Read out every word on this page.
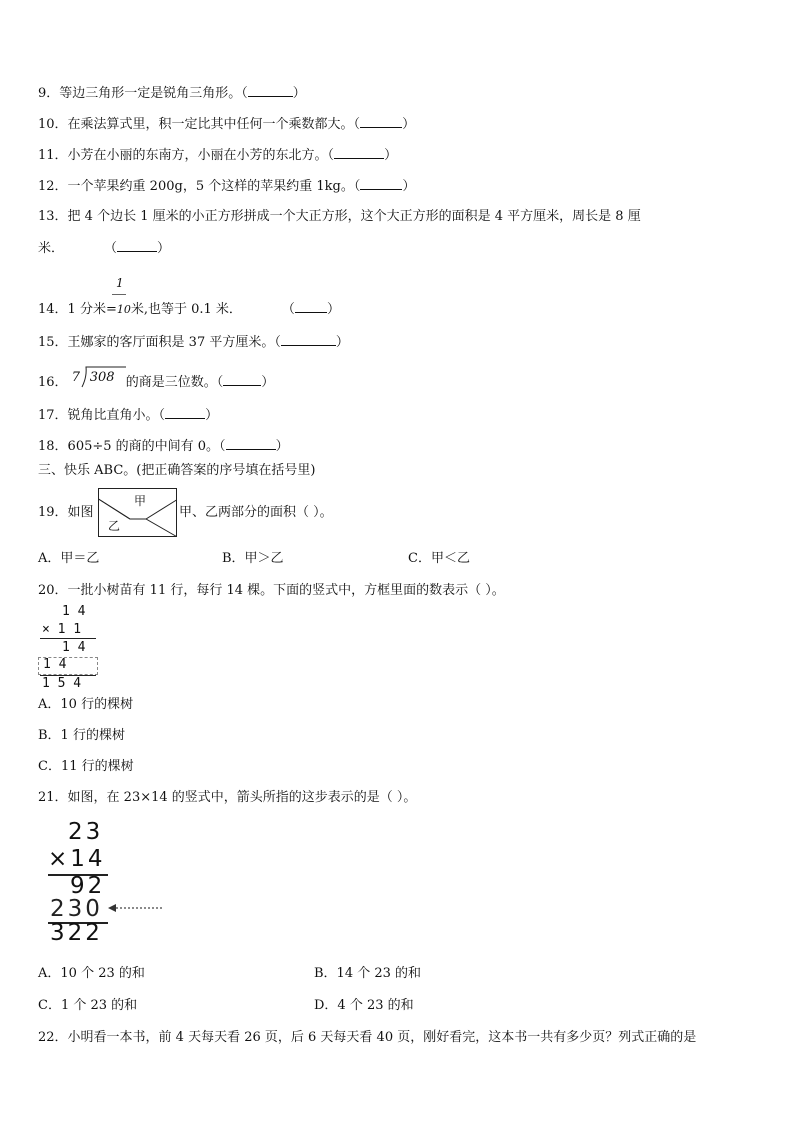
9．等边三角形一定是锐角三角形。（	）
10．在乘法算式里，积一定比其中任何一个乘数都大。（	）
11．小芳在小丽的东南方，小丽在小芳的东北方。（	）
12．一个苹果约重 200g，5 个这样的苹果约重 1kg。（	）
13．把 4 个边长 1 厘米的小正方形拼成一个大正方形，这个大正方形的面积是 4 平方厘米，周长是 8 厘
米．	（	）
1
14．1 分米=10米,也等于 0.1 米．	（ ）
15．王娜家的客厅面积是 37 平方厘米。（	）
16． 7 308 的商是三位数。（	）
17．锐角比直角小。（	）
18．605÷5 的商的中间有 0。（	）
三、快乐 ABC。(把正确答案的序号填在括号里)
19．如图
甲
乙
甲、乙两部分的面积（ ）。
A．甲＝乙	B．甲＞乙	C．甲＜乙
20．一批小树苗有 11 行，每行 14 棵。下面的竖式中，方框里面的数表示（ ）。
1 4
× 1 1
1 4
1 4
1 5 4
A．10 行的棵树
B．1 行的棵树
C．11 行的棵树
21．如图，在 23×14 的竖式中，箭头所指的这步表示的是（ ）。
23
×14
92
230
322
A．10 个 23 的和	B．14 个 23 的和
C．1 个 23 的和	D．4 个 23 的和
22．小明看一本书，前 4 天每天看 26 页，后 6 天每天看 40 页，刚好看完，这本书一共有多少页？列式正确的是
